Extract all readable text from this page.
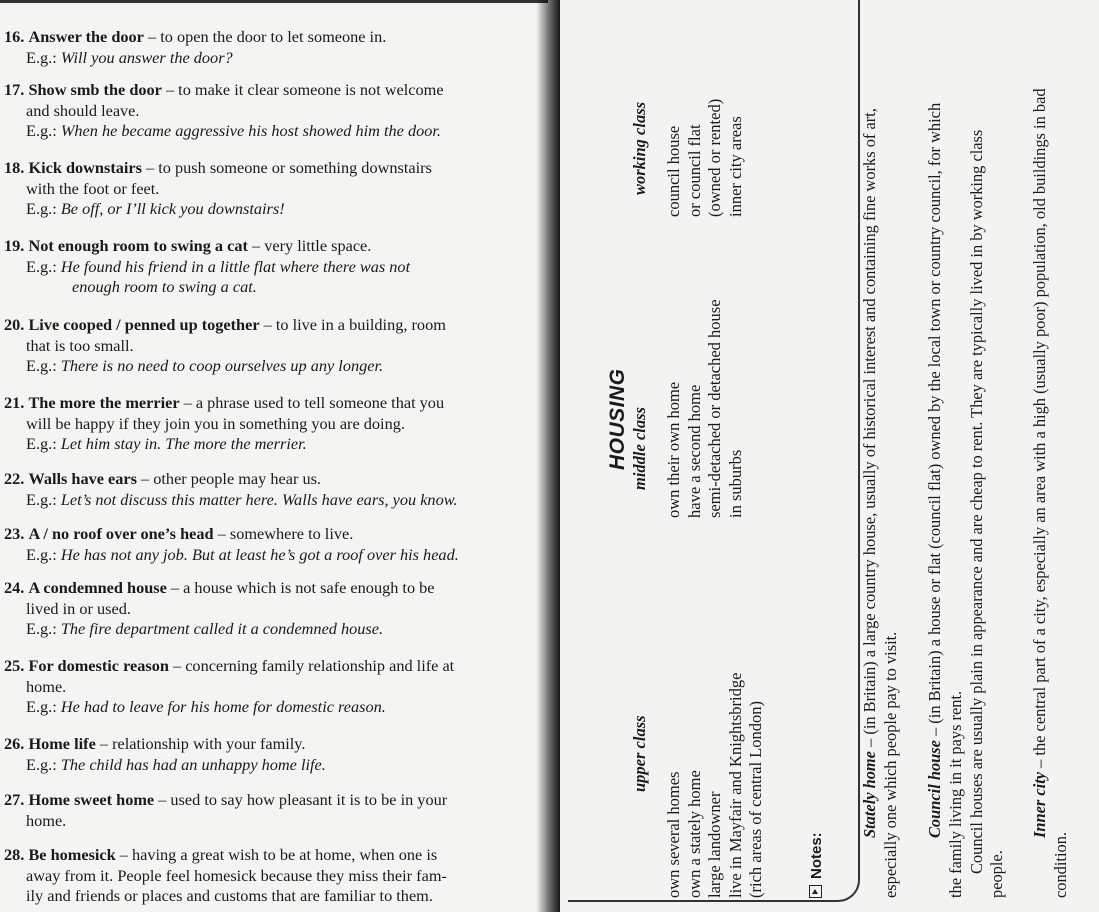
16. Answer the door – to open the door to let someone in.
E.g.: Will you answer the door?
17. Show smb the door – to make it clear someone is not welcome
and should leave.
E.g.: When he became aggressive his host showed him the door.
18. Kick downstairs – to push someone or something downstairs
with the foot or feet.
E.g.: Be off, or I’ll kick you downstairs!
19. Not enough room to swing a cat – very little space.
E.g.: He found his friend in a little flat where there was not
enough room to swing a cat.
20. Live cooped / penned up together – to live in a building, room
that is too small.
E.g.: There is no need to coop ourselves up any longer.
21. The more the merrier – a phrase used to tell someone that you
will be happy if they join you in something you are doing.
E.g.: Let him stay in. The more the merrier.
22. Walls have ears – other people may hear us.
E.g.: Let’s not discuss this matter here. Walls have ears, you know.
23. A / no roof over one’s head – somewhere to live.
E.g.: He has not any job. But at least he’s got a roof over his head.
24. A condemned house – a house which is not safe enough to be
lived in or used.
E.g.: The fire department called it a condemned house.
25. For domestic reason – concerning family relationship and life at
home.
E.g.: He had to leave for his home for domestic reason.
26. Home life – relationship with your family.
E.g.: The child has had an unhappy home life.
27. Home sweet home – used to say how pleasant it is to be in your
home.
28. Be homesick – having a great wish to be at home, when one is
away from it. People feel homesick because they miss their fam-
ily and friends or places and customs that are familiar to them.
HOUSING
upper class
own several homes own a stately home large landowner live in Mayfair and Knightsbridge (rich areas of central London)
middle class own their own home have a second home semi-detached or detached house in suburbs
working class council house or council flat (owned or rented) inner city areas
Notes:
Stately home – (in Britain) a large country house, usually of historical interest and containing fine works of art,
especially one which people pay to visit. Council house – (in Britain) a house or flat (council flat) owned by the local town or country council, for which
the family living in it pays rent. Council houses are usually plain in appearance and are cheap to rent. They are typically lived in by working class
people.
Inner city – the central part of a city, especially an area with a high (usually poor) population, old buildings in bad
condition.
